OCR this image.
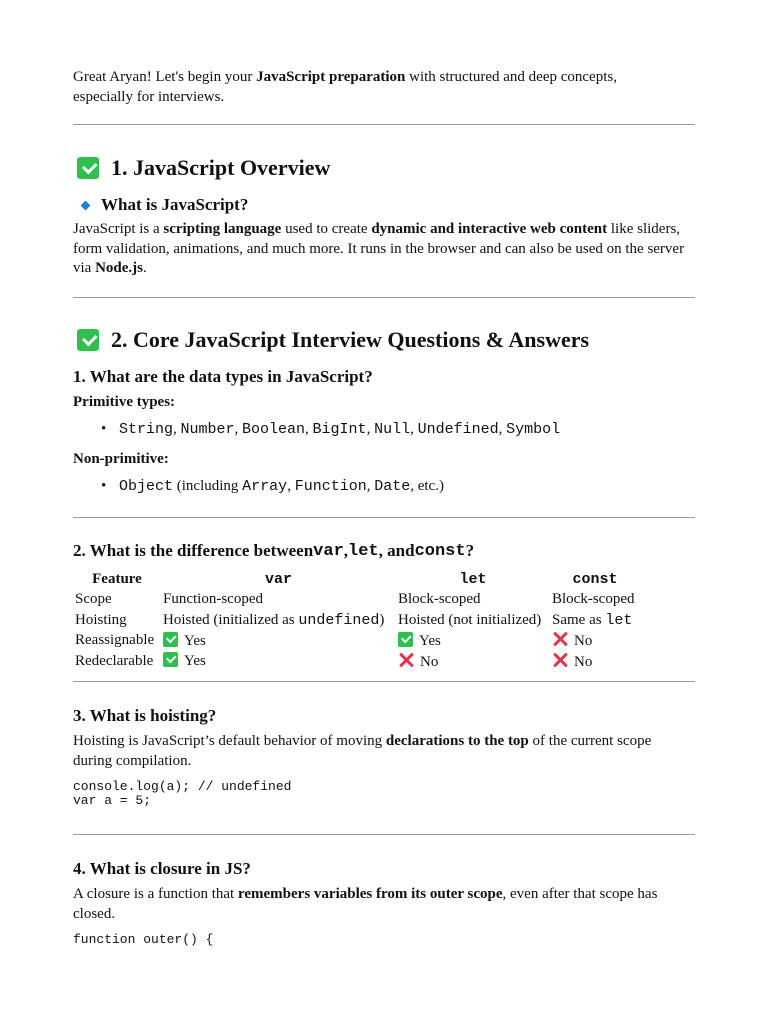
Great Aryan! Let's begin your JavaScript preparation with structured and deep concepts, especially for interviews.

1. JavaScript Overview
What is JavaScript?

JavaScript is a scripting language used to create dynamic and interactive web content like sliders, form validation, animations, and much more. It runs in the browser and can also be used on the server via Node.js.

2. Core JavaScript Interview Questions & Answers
1. What are the data types in JavaScript?
Primitive types:
• String, Number, Boolean, BigInt, Null, Undefined, Symbol
Non-primitive:
• Object (including Array, Function, Date, etc.)
2. What is the difference between var , let , and const ?
Feature	var	let	const
Scope	Function-scoped	Block-scoped	Block-scoped
Hoisting	Hoisted (initialized as undefined)	Hoisted (not initialized)	Same as let
Reassignable	Yes	Yes	No
Redeclarable	Yes	No	No
3. What is hoisting?

Hoisting is JavaScript’s default behavior of moving declarations to the top of the current scope during compilation.

console.log(a); // undefined
var a = 5;
4. What is closure in JS?

A closure is a function that remembers variables from its outer scope, even after that scope has closed.

function outer() {
